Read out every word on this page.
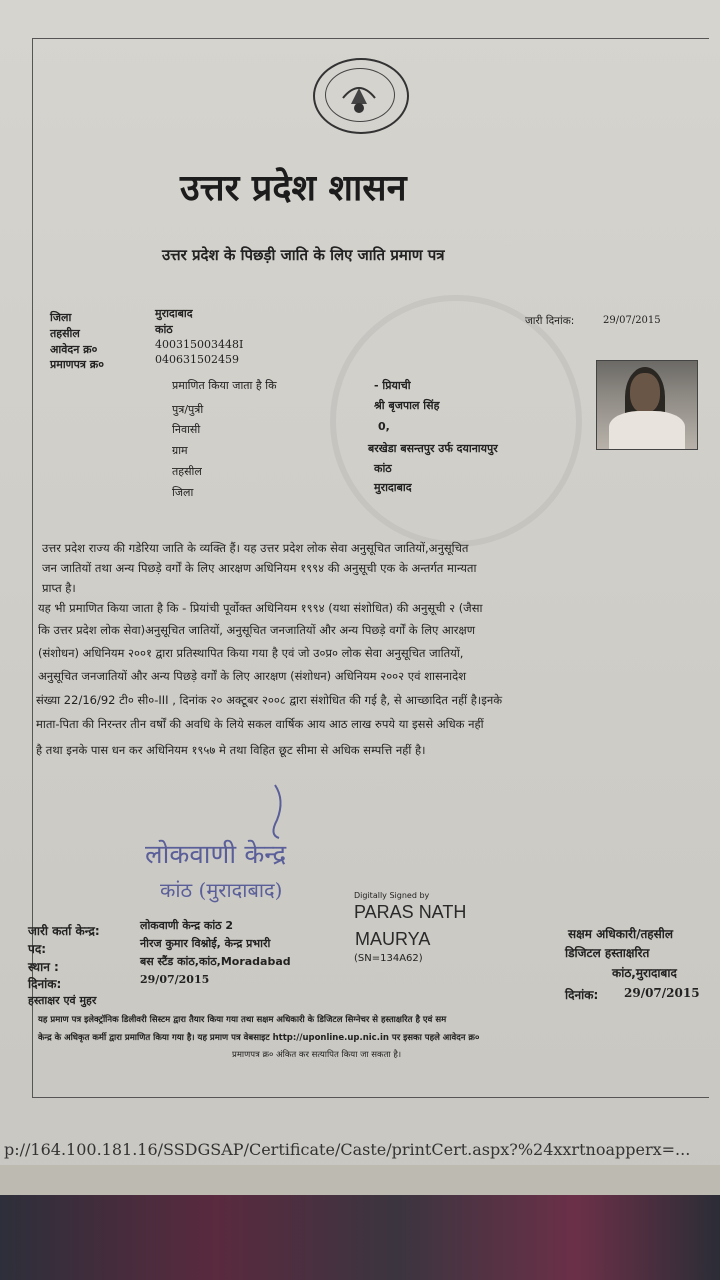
उत्तर प्रदेश शासन
उत्तर प्रदेश के पिछड़ी जाति के लिए जाति प्रमाण पत्र
जिला	मुरादाबाद
तहसील	कांठ
आवेदन क्र०	400315003448I
प्रमाणपत्र क्र०	040631502459
जारी दिनांक:	29/07/2015
प्रमाणित किया जाता है कि	- प्रियाची
पुत्र/पुत्री	श्री बृजपाल सिंह
निवासी	0,
ग्राम	बरखेडा बसन्तपुर उर्फ दयानायपुर
तहसील	कांठ
जिला	मुरादाबाद
उत्तर प्रदेश राज्य की गडेरिया जाति के व्यक्ति हैं। यह उत्तर प्रदेश लोक सेवा अनुसूचित जातियों,अनुसूचित
जन जातियों तथा अन्य पिछड़े वर्गों के लिए आरक्षण अधिनियम १९९४ की अनुसूची एक के अन्तर्गत मान्यता
प्राप्त है।
यह भी प्रमाणित किया जाता है कि - प्रियांची पूर्वोक्त अधिनियम १९९४ (यथा संशोधित) की अनुसूची २ (जैसा
कि उत्तर प्रदेश लोक सेवा)अनुसूचित जातियों, अनुसूचित जनजातियों और अन्य पिछड़े वर्गों के लिए आरक्षण
(संशोधन) अधिनियम २००१ द्वारा प्रतिस्थापित किया गया है एवं जो उ०प्र० लोक सेवा अनुसूचित जातियों,
अनुसूचित जनजातियों और अन्य पिछड़े वर्गों के लिए आरक्षण (संशोधन) अधिनियम २००२ एवं शासनादेश
संख्या 22/16/92 टी० सी०-III , दिनांक २० अक्टूबर २००८ द्वारा संशोधित की गई है, से आच्छादित नहीं है।इनके
माता-पिता की निरन्तर तीन वर्षों की अवधि के लिये सकल वार्षिक आय आठ लाख रुपये या इससे अधिक नहीं
है तथा इनके पास धन कर अधिनियम १९५७ मे तथा विहित छूट सीमा से अधिक सम्पत्ति नहीं है।
लोकवाणी केन्द्र
कांठ (मुरादाबाद)	Digitally Signed by
PARAS NATH
MAURYA
(SN=134A62)
जारी कर्ता केन्द्र:	लोकवाणी केन्द्र कांठ 2
पद:	नीरज कुमार विश्नोई, केन्द्र प्रभारी
स्थान :	बस स्टैंड कांठ,कांठ,Moradabad
दिनांक:	29/07/2015
हस्ताक्षर एवं मुहर
सक्षम अधिकारी/तहसील
डिजिटल हस्ताक्षरित
कांठ,मुरादाबाद
दिनांक: 29/07/2015
यह प्रमाण पत्र इलेक्ट्रॉनिक डिलीवरी सिस्टम द्वारा तैयार किया गया तथा सक्षम अधिकारी के डिजिटल सिग्नेचर से हस्ताक्षरित है एवं सम
केन्द्र के अधिकृत कर्मी द्वारा प्रमाणित किया गया है। यह प्रमाण पत्र वेबसाइट http://uponline.up.nic.in पर इसका पहले आवेदन क्र०
प्रमाणपत्र क्र० अंकित कर सत्यापित किया जा सकता है।
p://164.100.181.16/SSDGSAP/Certificate/Caste/printCert.aspx?%24xxrtnoapperx=...
